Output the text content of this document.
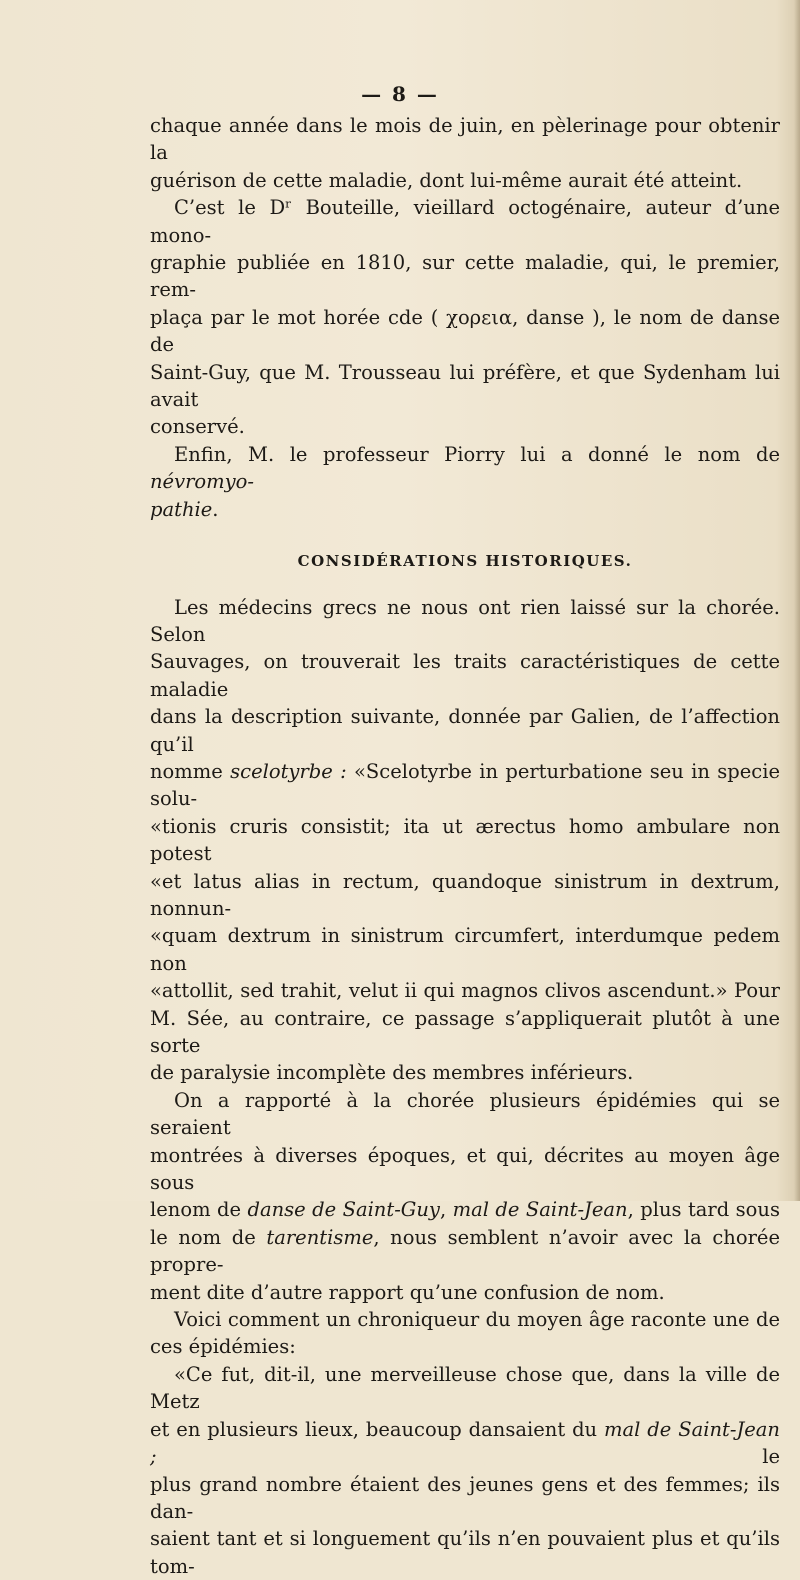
— 8 —

chaque année dans le mois de juin, en pèlerinage pour obtenir la

guérison de cette maladie, dont lui-même aurait été atteint.

C’est le Dʳ Bouteille, vieillard octogénaire, auteur d’une mono-

graphie publiée en 1810, sur cette maladie, qui, le premier, rem-

plaça par le mot horée cde ( χορεια, danse ), le nom de danse de

Saint-Guy, que M. Trousseau lui préfère, et que Sydenham lui avait

conservé.

Enfin, M. le professeur Piorry lui a donné le nom de névromyo-

pathie.

CONSIDÉRATIONS HISTORIQUES.

Les médecins grecs ne nous ont rien laissé sur la chorée. Selon

Sauvages, on trouverait les traits caractéristiques de cette maladie

dans la description suivante, donnée par Galien, de l’affection qu’il

nomme scelotyrbe : «Scelotyrbe in perturbatione seu in specie solu-

«tionis cruris consistit; ita ut ærectus homo ambulare non potest

«et latus alias in rectum, quandoque sinistrum in dextrum, nonnun-

«quam dextrum in sinistrum circumfert, interdumque pedem non

«attollit, sed trahit, velut ii qui magnos clivos ascendunt.» Pour

M. Sée, au contraire, ce passage s’appliquerait plutôt à une sorte

de paralysie incomplète des membres inférieurs.

On a rapporté à la chorée plusieurs épidémies qui se seraient

montrées à diverses époques, et qui, décrites au moyen âge sous

lenom de danse de Saint-Guy, mal de Saint-Jean, plus tard sous

le nom de tarentisme, nous semblent n’avoir avec la chorée propre-

ment dite d’autre rapport qu’une confusion de nom.

Voici comment un chroniqueur du moyen âge raconte une de

ces épidémies:

«Ce fut, dit-il, une merveilleuse chose que, dans la ville de Metz

et en plusieurs lieux, beaucoup dansaient du mal de Saint-Jean ; le

plus grand nombre étaient des jeunes gens et des femmes; ils dan-

saient tant et si longuement qu’ils n’en pouvaient plus et qu’ils tom-
